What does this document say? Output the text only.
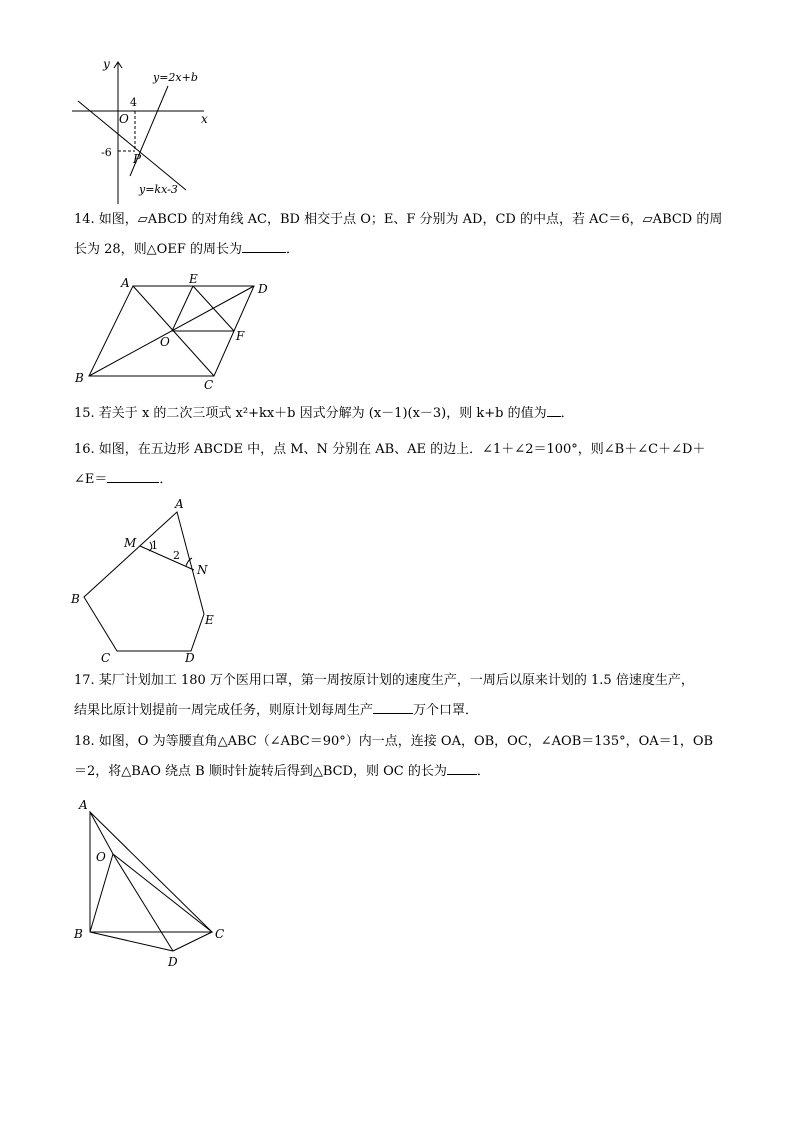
y
x
O
4
-6 P
y=2x+b
y=kx-3
14. 如图，▱ABCD 的对角线 AC，BD 相交于点 O；E、F 分别为 AD，CD 的中点，若 AC＝6，▱ABCD 的周
长为 28，则△OEF 的周长为	．
A	E
D
F
O
B	C
15. 若关于 x 的二次三项式 x²+kx＋b 因式分解为 (x－1)(x－3)，则 k+b 的值为 ．
16. 如图，在五边形 ABCDE 中，点 M、N 分别在 AB、AE 的边上．∠1＋∠2＝100°，则∠B＋∠C＋∠D＋
∠E＝	．
A
M 1
2
N
B
E
C	D
17. 某厂计划加工 180 万个医用口罩，第一周按原计划的速度生产，一周后以原来计划的 1.5 倍速度生产，
结果比原计划提前一周完成任务，则原计划每周生产	万个口罩．
18. 如图，O 为等腰直角△ABC（∠ABC＝90°）内一点，连接 OA，OB，OC，∠AOB＝135°，OA＝1，OB
＝2，将△BAO 绕点 B 顺时针旋转后得到△BCD，则 OC 的长为 ．
A
O
B	C
D
